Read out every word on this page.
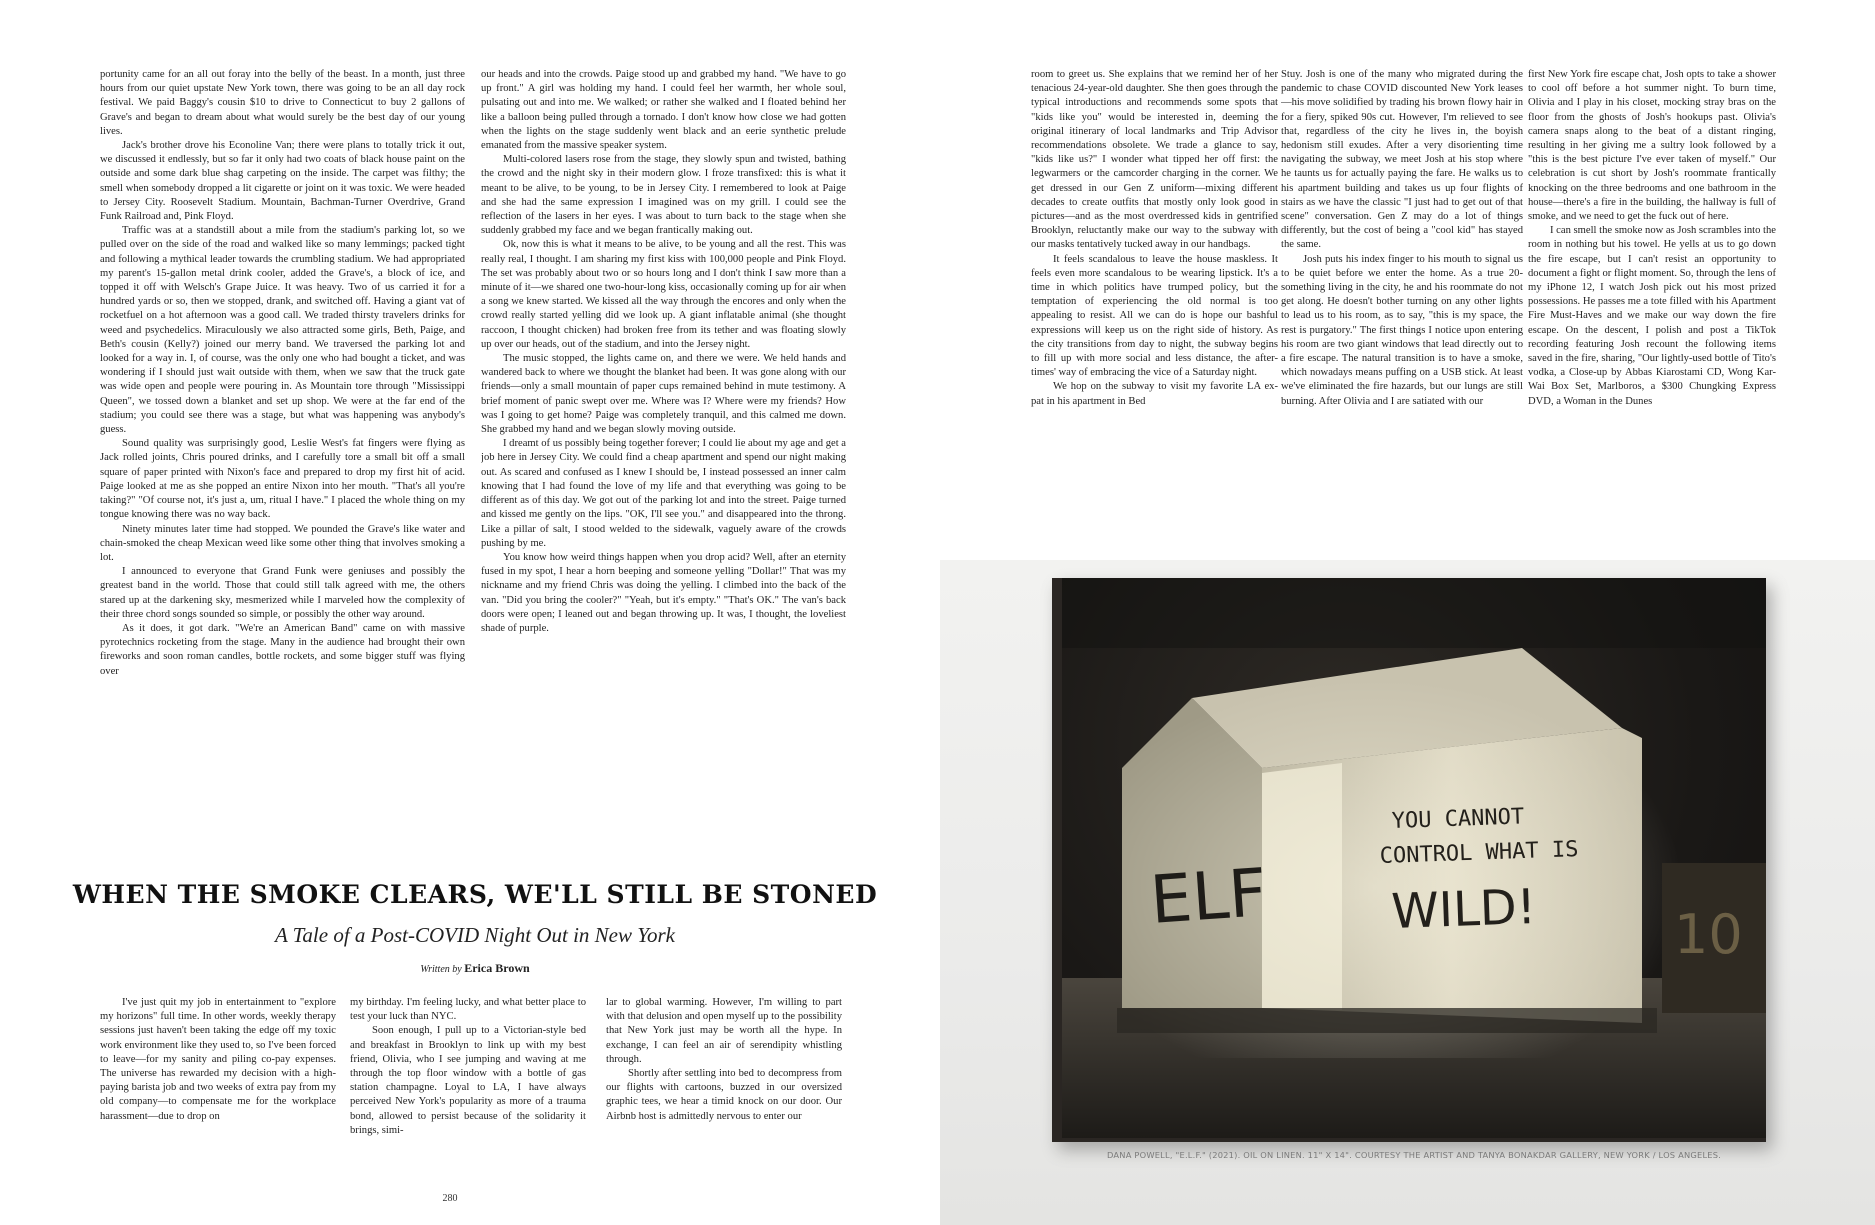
portunity came for an all out foray into the belly of the beast. In a month, just three hours from our quiet upstate New York town, there was going to be an all day rock festival. We paid Baggy's cousin $10 to drive to Connecticut to buy 2 gallons of Grave's and began to dream about what would surely be the best day of our young lives.

Jack's brother drove his Econoline Van; there were plans to totally trick it out, we discussed it endlessly, but so far it only had two coats of black house paint on the outside and some dark blue shag carpeting on the inside. The carpet was filthy; the smell when somebody dropped a lit cigarette or joint on it was toxic. We were headed to Jersey City. Roosevelt Stadium. Mountain, Bachman-Turner Overdrive, Grand Funk Railroad and, Pink Floyd.

Traffic was at a standstill about a mile from the stadium's parking lot, so we pulled over on the side of the road and walked like so many lemmings; packed tight and following a mythical leader towards the crumbling stadium. We had appropriated my parent's 15-gallon metal drink cooler, added the Grave's, a block of ice, and topped it off with Welsch's Grape Juice. It was heavy. Two of us carried it for a hundred yards or so, then we stopped, drank, and switched off. Having a giant vat of rocketfuel on a hot afternoon was a good call. We traded thirsty travelers drinks for weed and psychedelics. Miraculously we also attracted some girls, Beth, Paige, and Beth's cousin (Kelly?) joined our merry band. We traversed the parking lot and looked for a way in. I, of course, was the only one who had bought a ticket, and was wondering if I should just wait outside with them, when we saw that the truck gate was wide open and people were pouring in. As Mountain tore through "Mississippi Queen", we tossed down a blanket and set up shop. We were at the far end of the stadium; you could see there was a stage, but what was happening was anybody's guess.

Sound quality was surprisingly good, Leslie West's fat fingers were flying as Jack rolled joints, Chris poured drinks, and I carefully tore a small bit off a small square of paper printed with Nixon's face and prepared to drop my first hit of acid. Paige looked at me as she popped an entire Nixon into her mouth. "That's all you're taking?" "Of course not, it's just a, um, ritual I have." I placed the whole thing on my tongue knowing there was no way back.

Ninety minutes later time had stopped. We pounded the Grave's like water and chain-smoked the cheap Mexican weed like some other thing that involves smoking a lot.

I announced to everyone that Grand Funk were geniuses and possibly the greatest band in the world. Those that could still talk agreed with me, the others stared up at the darkening sky, mesmerized while I marveled how the complexity of their three chord songs sounded so simple, or possibly the other way around.

As it does, it got dark. "We're an American Band" came on with massive pyrotechnics rocketing from the stage. Many in the audience had brought their own fireworks and soon roman candles, bottle rockets, and some bigger stuff was flying over

our heads and into the crowds. Paige stood up and grabbed my hand. "We have to go up front." A girl was holding my hand. I could feel her warmth, her whole soul, pulsating out and into me. We walked; or rather she walked and I floated behind her like a balloon being pulled through a tornado. I don't know how close we had gotten when the lights on the stage suddenly went black and an eerie synthetic prelude emanated from the massive speaker system.

Multi-colored lasers rose from the stage, they slowly spun and twisted, bathing the crowd and the night sky in their modern glow. I froze transfixed: this is what it meant to be alive, to be young, to be in Jersey City. I remembered to look at Paige and she had the same expression I imagined was on my grill. I could see the reflection of the lasers in her eyes. I was about to turn back to the stage when she suddenly grabbed my face and we began frantically making out.

Ok, now this is what it means to be alive, to be young and all the rest. This was really real, I thought. I am sharing my first kiss with 100,000 people and Pink Floyd. The set was probably about two or so hours long and I don't think I saw more than a minute of it—we shared one two-hour-long kiss, occasionally coming up for air when a song we knew started. We kissed all the way through the encores and only when the crowd really started yelling did we look up. A giant inflatable animal (she thought raccoon, I thought chicken) had broken free from its tether and was floating slowly up over our heads, out of the stadium, and into the Jersey night.

The music stopped, the lights came on, and there we were. We held hands and wandered back to where we thought the blanket had been. It was gone along with our friends—only a small mountain of paper cups remained behind in mute testimony. A brief moment of panic swept over me. Where was I? Where were my friends? How was I going to get home? Paige was completely tranquil, and this calmed me down. She grabbed my hand and we began slowly moving outside.

I dreamt of us possibly being together forever; I could lie about my age and get a job here in Jersey City. We could find a cheap apartment and spend our night making out. As scared and confused as I knew I should be, I instead possessed an inner calm knowing that I had found the love of my life and that everything was going to be different as of this day. We got out of the parking lot and into the street. Paige turned and kissed me gently on the lips. "OK, I'll see you." and disappeared into the throng. Like a pillar of salt, I stood welded to the sidewalk, vaguely aware of the crowds pushing by me.

You know how weird things happen when you drop acid? Well, after an eternity fused in my spot, I hear a horn beeping and someone yelling "Dollar!" That was my nickname and my friend Chris was doing the yelling. I climbed into the back of the van. "Did you bring the cooler?" "Yeah, but it's empty." "That's OK." The van's back doors were open; I leaned out and began throwing up. It was, I thought, the loveliest shade of purple.

WHEN THE SMOKE CLEARS, WE'LL STILL BE STONED
A Tale of a Post-COVID Night Out in New York
Written by Erica Brown

I've just quit my job in entertainment to "explore my horizons" full time. In other words, weekly therapy sessions just haven't been taking the edge off my toxic work environment like they used to, so I've been forced to leave—for my sanity and piling co-pay expenses. The universe has rewarded my decision with a high-paying barista job and two weeks of extra pay from my old company—to compensate me for the workplace harassment—due to drop on

my birthday. I'm feeling lucky, and what better place to test your luck than NYC.

Soon enough, I pull up to a Victorian-style bed and breakfast in Brooklyn to link up with my best friend, Olivia, who I see jumping and waving at me through the top floor window with a bottle of gas station champagne. Loyal to LA, I have always perceived New York's popularity as more of a trauma bond, allowed to persist because of the solidarity it brings, simi-

lar to global warming. However, I'm willing to part with that delusion and open myself up to the possibility that New York just may be worth all the hype. In exchange, I can feel an air of serendipity whistling through.

Shortly after settling into bed to decompress from our flights with cartoons, buzzed in our oversized graphic tees, we hear a timid knock on our door. Our Airbnb host is admittedly nervous to enter our

280

room to greet us. She explains that we remind her of her tenacious 24-year-old daughter. She then goes through the typical introductions and recommends some spots that "kids like you" would be interested in, deeming the original itinerary of local landmarks and Trip Advisor recommendations obsolete. We trade a glance to say, "kids like us?" I wonder what tipped her off first: the legwarmers or the camcorder charging in the corner. We get dressed in our Gen Z uniform—mixing different decades to create outfits that mostly only look good in pictures—and as the most overdressed kids in gentrified Brooklyn, reluctantly make our way to the subway with our masks tentatively tucked away in our handbags.

It feels scandalous to leave the house maskless. It feels even more scandalous to be wearing lipstick. It's a time in which politics have trumped policy, but the temptation of experiencing the old normal is too appealing to resist. All we can do is hope our bashful expressions will keep us on the right side of history. As the city transitions from day to night, the subway begins to fill up with more social and less distance, the after-times' way of embracing the vice of a Saturday night.

We hop on the subway to visit my favorite LA ex-pat in his apartment in Bed

Stuy. Josh is one of the many who migrated during the pandemic to chase COVID discounted New York leases—his move solidified by trading his brown flowy hair in for a fiery, spiked 90s cut. However, I'm relieved to see that, regardless of the city he lives in, the boyish hedonism still exudes. After a very disorienting time navigating the subway, we meet Josh at his stop where he taunts us for actually paying the fare. He walks us to his apartment building and takes us up four flights of stairs as we have the classic "I just had to get out of that scene" conversation. Gen Z may do a lot of things differently, but the cost of being a "cool kid" has stayed the same.

Josh puts his index finger to his mouth to signal us to be quiet before we enter the home. As a true 20-something living in the city, he and his roommate do not get along. He doesn't bother turning on any other lights to lead us to his room, as to say, "this is my space, the rest is purgatory." The first things I notice upon entering his room are two giant windows that lead directly out to a fire escape. The natural transition is to have a smoke, which nowadays means puffing on a USB stick. At least we've eliminated the fire hazards, but our lungs are still burning. After Olivia and I are satiated with our

first New York fire escape chat, Josh opts to take a shower to cool off before a hot summer night. To burn time, Olivia and I play in his closet, mocking stray bras on the floor from the ghosts of Josh's hookups past. Olivia's camera snaps along to the beat of a distant ringing, resulting in her giving me a sultry look followed by a "this is the best picture I've ever taken of myself." Our celebration is cut short by Josh's roommate frantically knocking on the three bedrooms and one bathroom in the house—there's a fire in the building, the hallway is full of smoke, and we need to get the fuck out of here.

I can smell the smoke now as Josh scrambles into the room in nothing but his towel. He yells at us to go down the fire escape, but I can't resist an opportunity to document a fight or flight moment. So, through the lens of my iPhone 12, I watch Josh pick out his most prized possessions. He passes me a tote filled with his Apartment Fire Must-Haves and we make our way down the fire escape. On the descent, I polish and post a TikTok recording featuring Josh recount the following items saved in the fire, sharing, "Our lightly-used bottle of Tito's vodka, a Close-up by Abbas Kiarostami CD, Wong Kar-Wai Box Set, Marlboros, a $300 Chungking Express DVD, a Woman in the Dunes

10
ELF
YOU CANNOT
CONTROL WHAT IS
WILD!
DANA POWELL, "E.L.F." (2021). OIL ON LINEN. 11" X 14". COURTESY THE ARTIST AND TANYA BONAKDAR GALLERY, NEW YORK / LOS ANGELES.
